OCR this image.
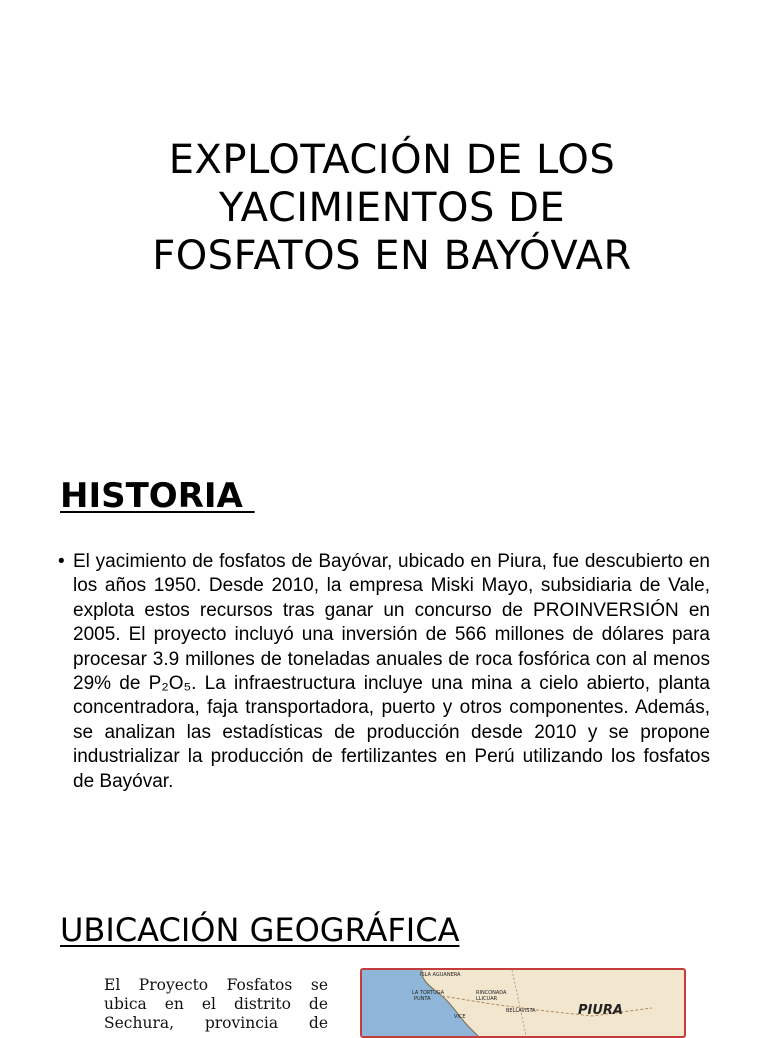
EXPLOTACIÓN DE LOS
YACIMIENTOS DE
FOSFATOS EN BAYÓVAR
HISTORIA
• El yacimiento de fosfatos de Bayóvar, ubicado en Piura, fue descubierto en los años 1950. Desde 2010, la empresa Miski Mayo, subsidiaria de Vale, explota estos recursos tras ganar un concurso de PROINVERSIÓN en 2005. El proyecto incluyó una inversión de 566 millones de dólares para procesar 3.9 millones de toneladas anuales de roca fosfórica con al menos 29% de P₂O₅. La infraestructura incluye una mina a cielo abierto, planta concentradora, faja transportadora, puerto y otros componentes. Además, se analizan las estadísticas de producción desde 2010 y se propone industrializar la producción de fertilizantes en Perú utilizando los fosfatos de Bayóvar.

UBICACIÓN GEOGRÁFICA

El Proyecto Fosfatos se ubica en el distrito de Sechura, provincia de

ISLA AGUANERA
LA TORTUGA
PUNTA
RINCONADA
LLICUAR
VICE
BELLAVISTA	PIURA
